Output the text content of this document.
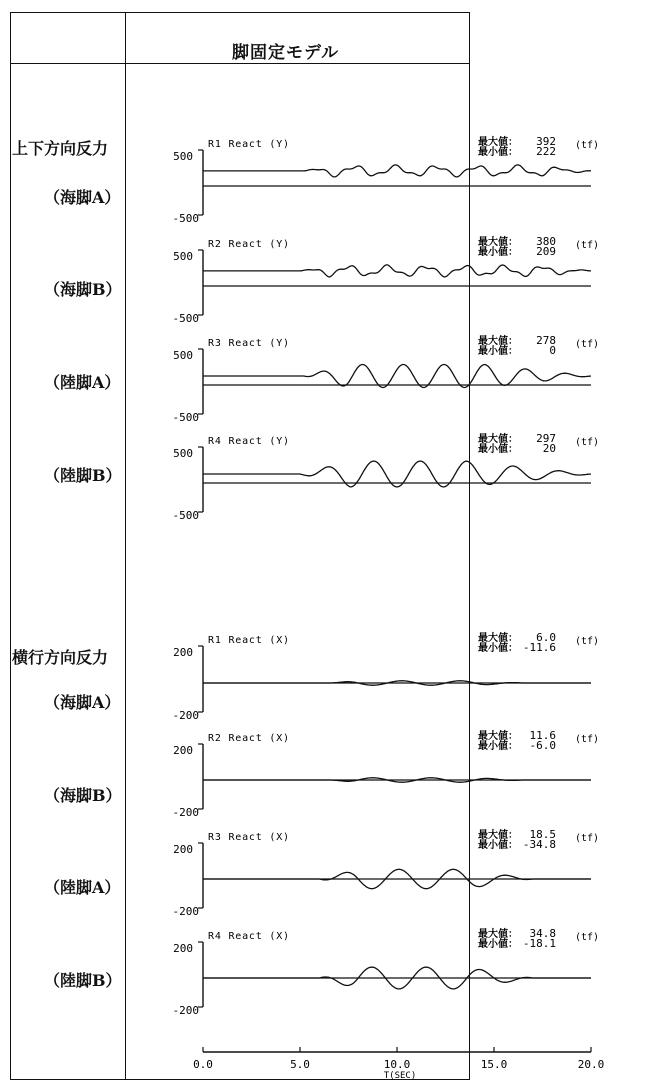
脚固定モデル
上下方向反力
（海脚A）
（海脚B）
（陸脚A）
（陸脚B）
横行方向反力
（海脚A）
（海脚B）
（陸脚A）
（陸脚B）
500
-500
R1 React (Y)	最大値：
最小値：
392
222 (tf)
500
-500
R2 React (Y)	最大値：
最小値：
380
209 (tf)
500
-500
R3 React (Y)	最大値：
最小値：
278
0 (tf)
500
-500
R4 React (Y)	最大値：
最小値：
297
20 (tf)
200
-200
R1 React (X)	最大値：
最小値：
6.0
-11.6 (tf)
200
-200
R2 React (X)	最大値：
最小値：
11.6
-6.0 (tf)
200
-200
R3 React (X)	最大値：
最小値：
18.5
-34.8 (tf)
200
-200
R4 React (X)	最大値：
最小値：
34.8
-18.1 (tf)
0.0	5.0	10.0	15.0	20.0
T(SEC)
